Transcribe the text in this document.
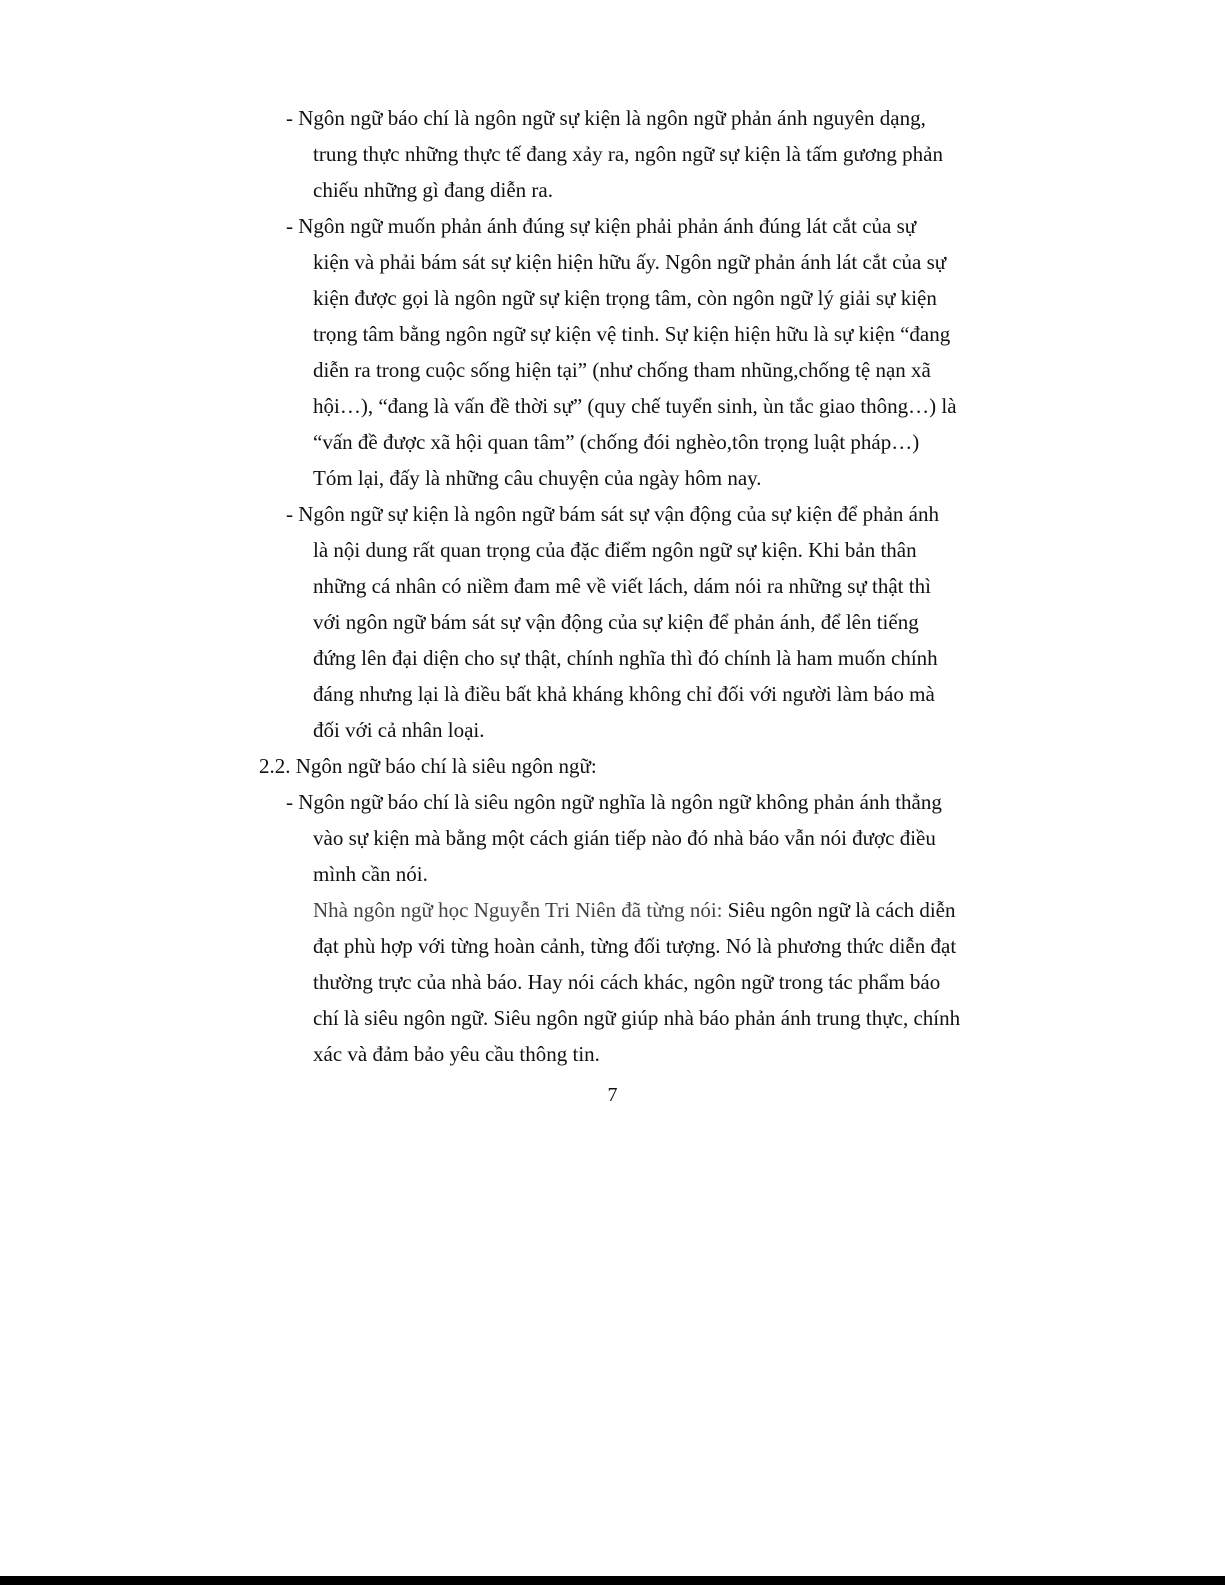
- Ngôn ngữ báo chí là ngôn ngữ sự kiện là ngôn ngữ phản ánh nguyên dạng,
trung thực những thực tế đang xảy ra, ngôn ngữ sự kiện là tấm gương phản
chiếu những gì đang diễn ra.
- Ngôn ngữ muốn phản ánh đúng sự kiện phải phản ánh đúng lát cắt của sự
kiện và phải bám sát sự kiện hiện hữu ấy. Ngôn ngữ phản ánh lát cắt của sự
kiện được gọi là ngôn ngữ sự kiện trọng tâm, còn ngôn ngữ lý giải sự kiện
trọng tâm bằng ngôn ngữ sự kiện vệ tinh. Sự kiện hiện hữu là sự kiện “đang
diễn ra trong cuộc sống hiện tại” (như chống tham nhũng,chống tệ nạn xã
hội…), “đang là vấn đề thời sự” (quy chế tuyển sinh, ùn tắc giao thông…) là
“vấn đề được xã hội quan tâm” (chống đói nghèo,tôn trọng luật pháp…)
Tóm lại, đấy là những câu chuyện của ngày hôm nay.
- Ngôn ngữ sự kiện là ngôn ngữ bám sát sự vận động của sự kiện để phản ánh
là nội dung rất quan trọng của đặc điểm ngôn ngữ sự kiện. Khi bản thân
những cá nhân có niềm đam mê về viết lách, dám nói ra những sự thật thì
với ngôn ngữ bám sát sự vận động của sự kiện để phản ánh, để lên tiếng
đứng lên đại diện cho sự thật, chính nghĩa thì đó chính là ham muốn chính
đáng nhưng lại là điều bất khả kháng không chỉ đối với người làm báo mà
đối với cả nhân loại.
2.2. Ngôn ngữ báo chí là siêu ngôn ngữ:
- Ngôn ngữ báo chí là siêu ngôn ngữ nghĩa là ngôn ngữ không phản ánh thẳng
vào sự kiện mà bằng một cách gián tiếp nào đó nhà báo vẫn nói được điều
mình cần nói.
Nhà ngôn ngữ học Nguyễn Tri Niên đã từng nói: Siêu ngôn ngữ là cách diễn
đạt phù hợp với từng hoàn cảnh, từng đối tượng. Nó là phương thức diễn đạt
thường trực của nhà báo. Hay nói cách khác, ngôn ngữ trong tác phẩm báo
chí là siêu ngôn ngữ. Siêu ngôn ngữ giúp nhà báo phản ánh trung thực, chính
xác và đảm bảo yêu cầu thông tin.
7
